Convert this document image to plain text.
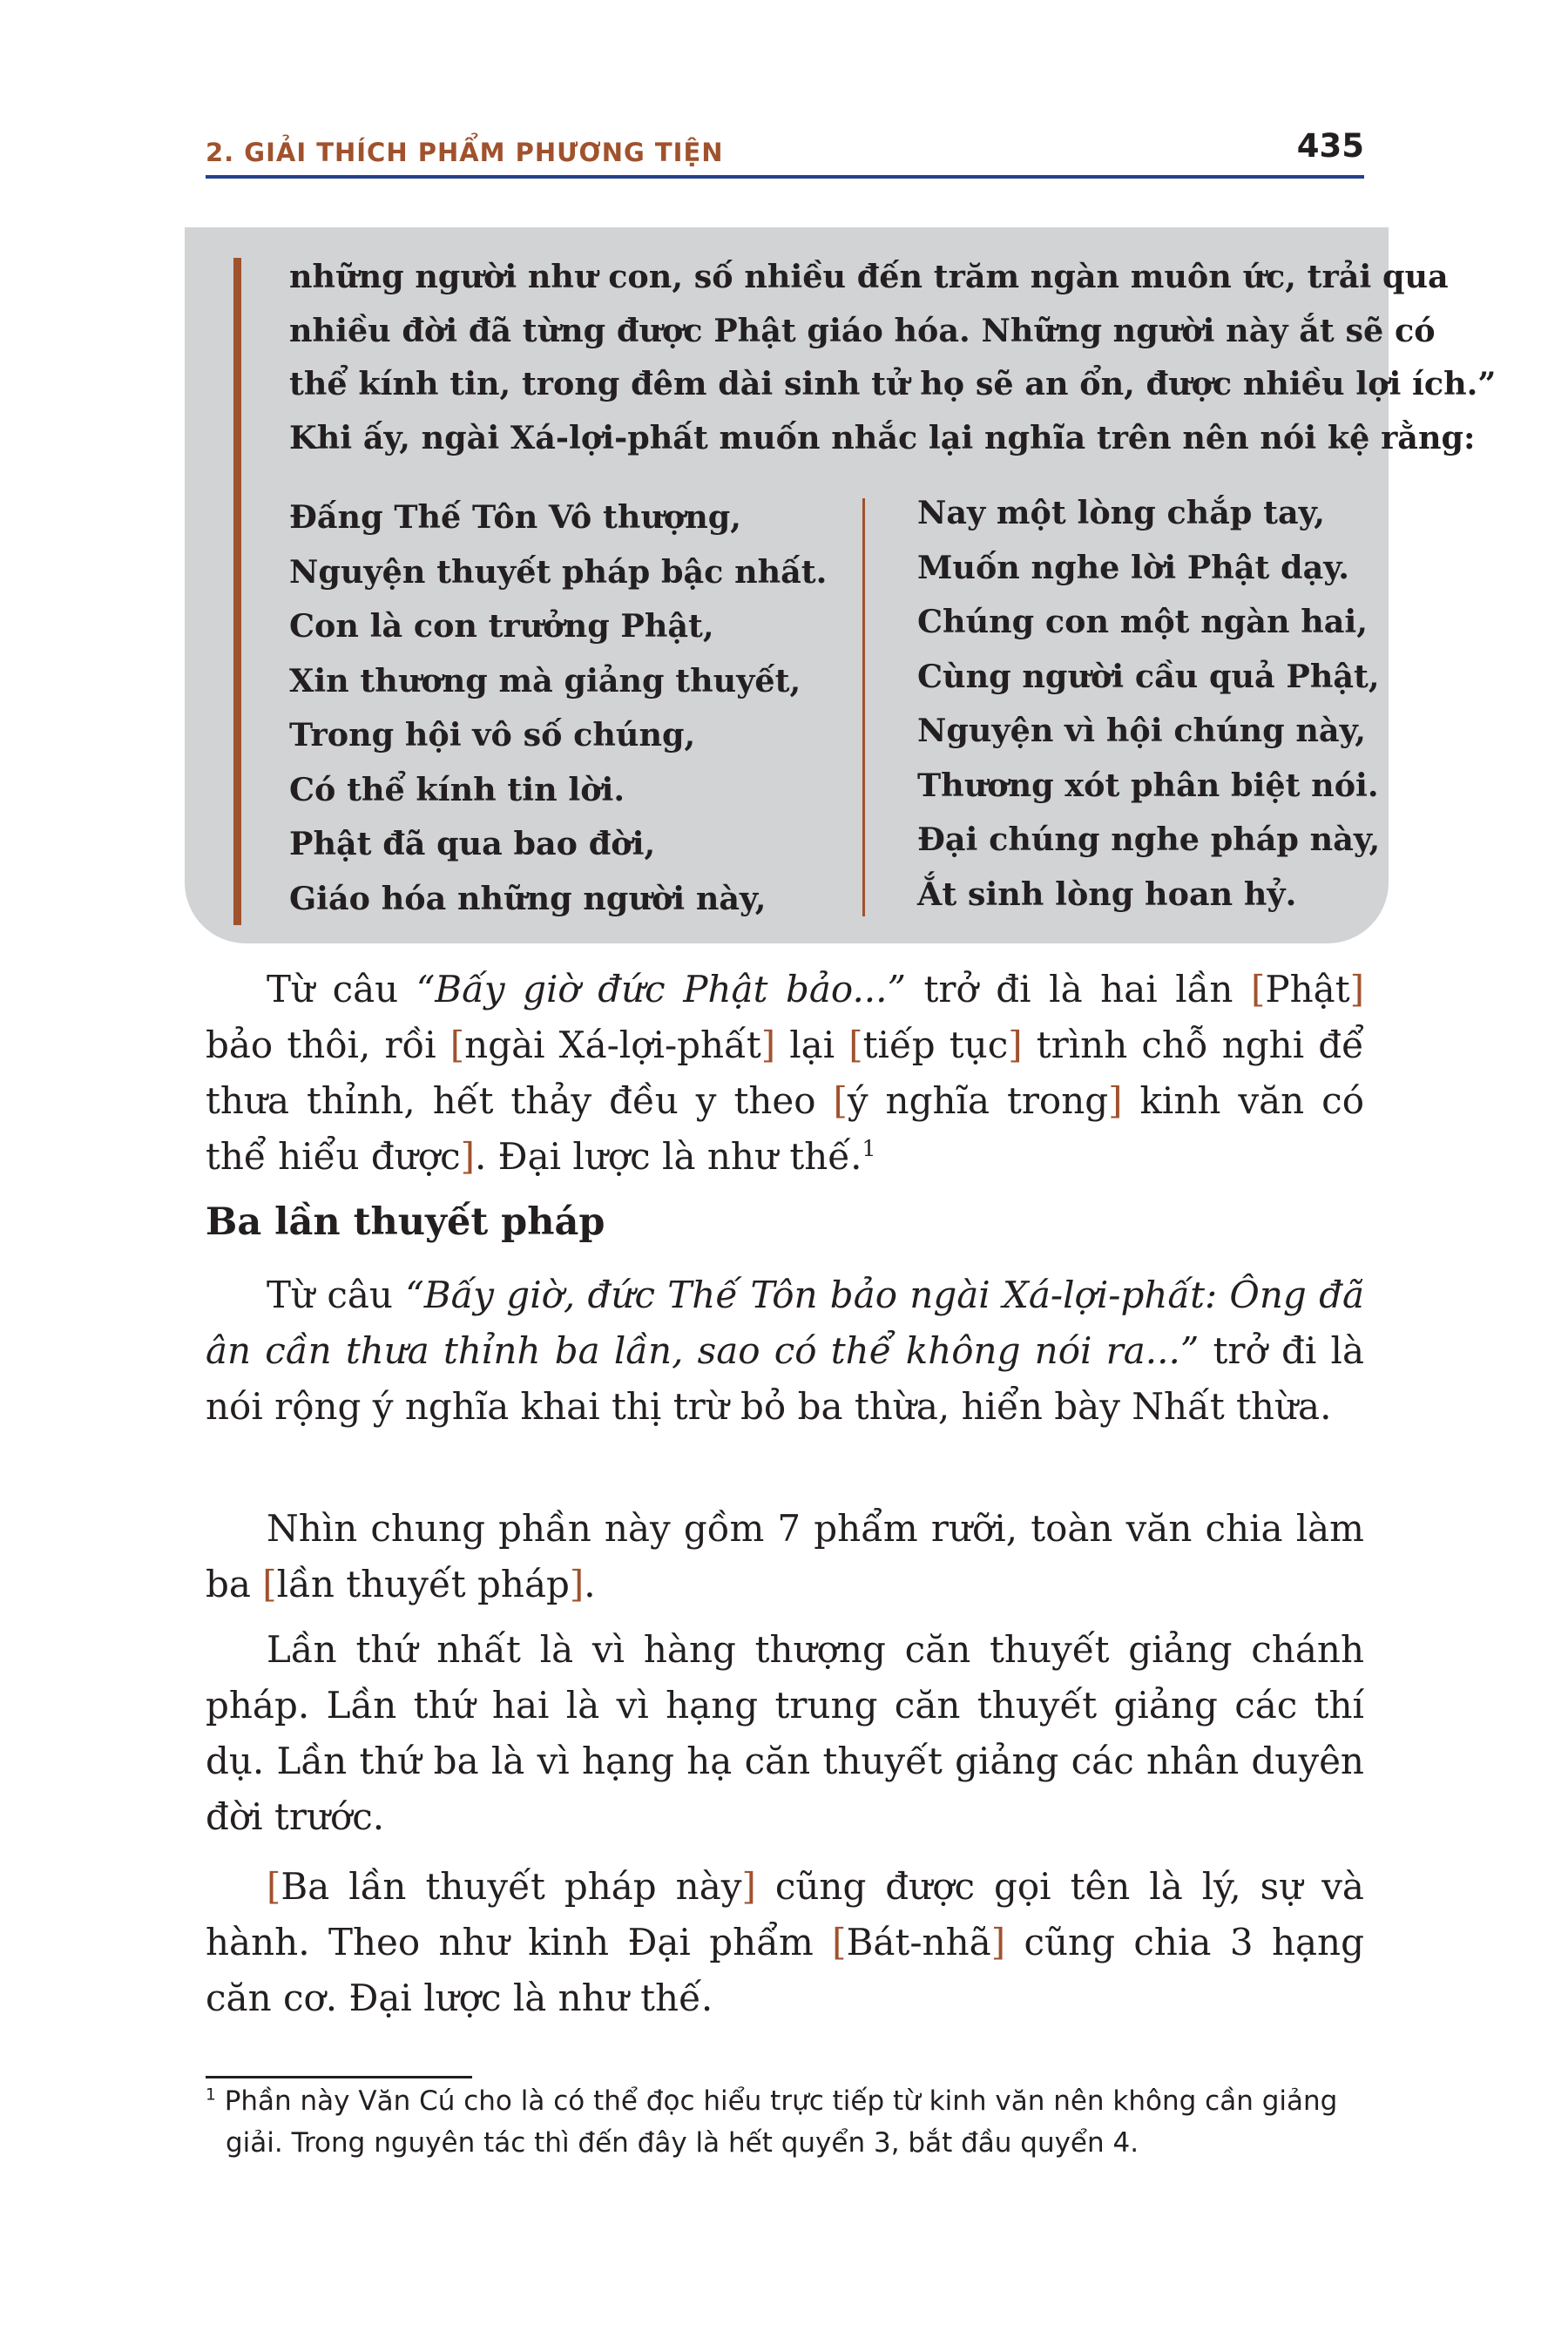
2. GIẢI THÍCH PHẨM PHƯƠNG TIỆN	435
những người như con, số nhiều đến trăm ngàn muôn ức, trải qua
nhiều đời đã từng được Phật giáo hóa. Những người này ắt sẽ có
thể kính tin, trong đêm dài sinh tử họ sẽ an ổn, được nhiều lợi ích.”
Khi ấy, ngài Xá-lợi-phất muốn nhắc lại nghĩa trên nên nói kệ rằng:
Đấng Thế Tôn Vô thượng,
Nguyện thuyết pháp bậc nhất.
Con là con trưởng Phật,
Xin thương mà giảng thuyết,
Trong hội vô số chúng,
Có thể kính tin lời.
Phật đã qua bao đời,
Giáo hóa những người này,
Nay một lòng chắp tay,
Muốn nghe lời Phật dạy.
Chúng con một ngàn hai,
Cùng người cầu quả Phật,
Nguyện vì hội chúng này,
Thương xót phân biệt nói.
Đại chúng nghe pháp này,
Ắt sinh lòng hoan hỷ.

Từ câu “Bấy giờ đức Phật bảo...” trở đi là hai lần [Phật] bảo thôi, rồi [ngài Xá-lợi-phất] lại [tiếp tục] trình chỗ nghi để thưa thỉnh, hết thảy đều y theo [ý nghĩa trong] kinh văn có thể hiểu được]. Đại lược là như thế.$^1$

Ba lần thuyết pháp

Từ câu “Bấy giờ, đức Thế Tôn bảo ngài Xá-lợi-phất: Ông đã ân cần thưa thỉnh ba lần, sao có thể không nói ra...” trở đi là nói rộng ý nghĩa khai thị trừ bỏ ba thừa, hiển bày Nhất thừa.

Nhìn chung phần này gồm 7 phẩm rưỡi, toàn văn chia làm ba [lần thuyết pháp].

Lần thứ nhất là vì hàng thượng căn thuyết giảng chánh pháp. Lần thứ hai là vì hạng trung căn thuyết giảng các thí dụ. Lần thứ ba là vì hạng hạ căn thuyết giảng các nhân duyên đời trước.

[Ba lần thuyết pháp này] cũng được gọi tên là lý, sự và hành. Theo như kinh Đại phẩm [Bát-nhã] cũng chia 3 hạng căn cơ. Đại lược là như thế.

$^1$ Phần này Văn Cú cho là có thể đọc hiểu trực tiếp từ kinh văn nên không cần giảng
giải. Trong nguyên tác thì đến đây là hết quyển 3, bắt đầu quyển 4.
